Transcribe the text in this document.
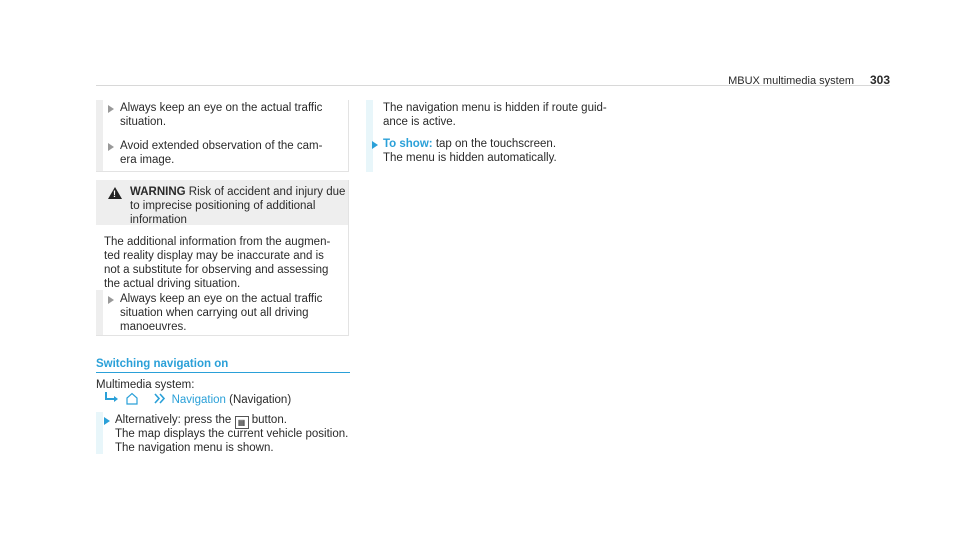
MBUX multimedia system 303
Always keep an eye on the actual traffic
situation.
Avoid extended observation of the cam-
era image.
! WARNING Risk of accident and injury due
to imprecise positioning of additional
information
The additional information from the augmen-
ted reality display may be inaccurate and is
not a substitute for observing and assessing
the actual driving situation.
Always keep an eye on the actual traffic
situation when carrying out all driving
manoeuvres.
Switching navigation on
Multimedia system:
Navigation (Navigation)
Alternatively: press the ▦ button.
The map displays the current vehicle position.
The navigation menu is shown.
The navigation menu is hidden if route guid-
ance is active.
To show: tap on the touchscreen.
The menu is hidden automatically.
